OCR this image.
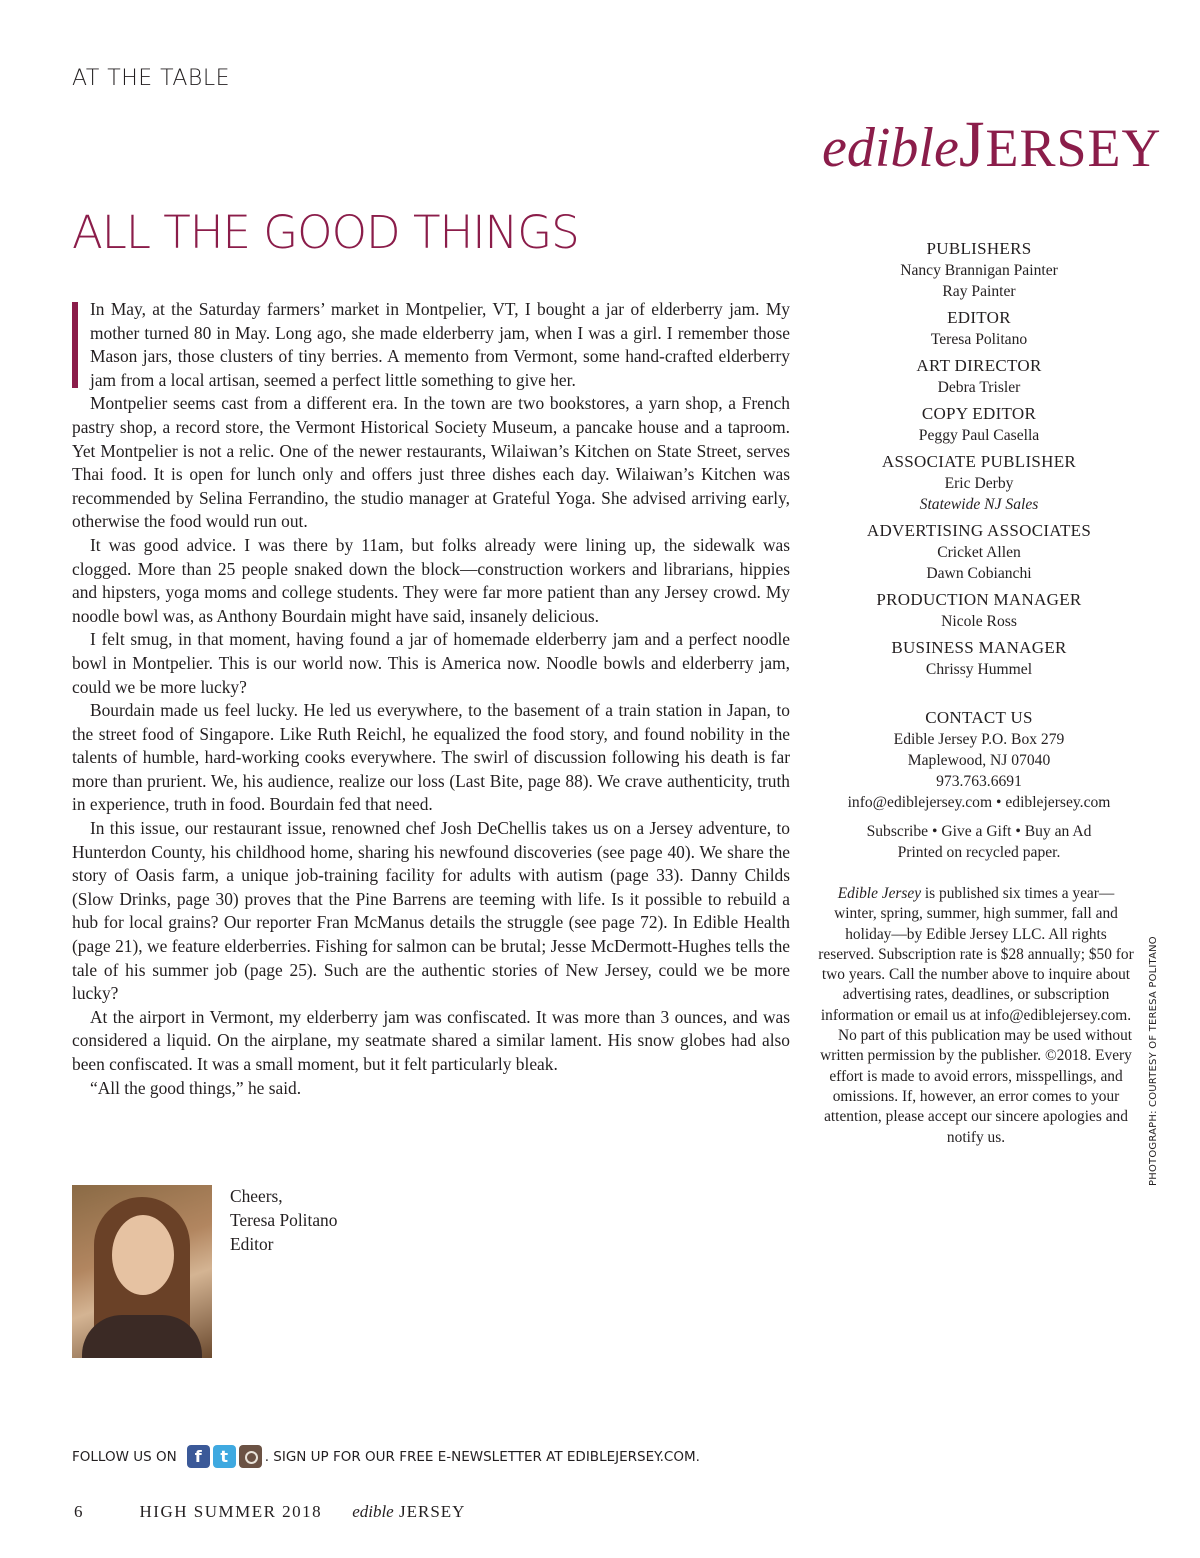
AT THE TABLE
edibleJERSEY
ALL THE GOOD THINGS

In May, at the Saturday farmers’ market in Montpelier, VT, I bought a jar of elderberry jam. My mother turned 80 in May. Long ago, she made elderberry jam, when I was a girl. I remember those Mason jars, those clusters of tiny berries. A memento from Vermont, some hand-crafted elderberry jam from a local artisan, seemed a perfect little something to give her.

Montpelier seems cast from a different era. In the town are two bookstores, a yarn shop, a French pastry shop, a record store, the Vermont Historical Society Museum, a pancake house and a taproom. Yet Montpelier is not a relic. One of the newer restaurants, Wilaiwan’s Kitchen on State Street, serves Thai food. It is open for lunch only and offers just three dishes each day. Wilaiwan’s Kitchen was recommended by Selina Ferrandino, the studio manager at Grateful Yoga. She advised arriving early, otherwise the food would run out.

It was good advice. I was there by 11am, but folks already were lining up, the sidewalk was clogged. More than 25 people snaked down the block—construction workers and librarians, hippies and hipsters, yoga moms and college students. They were far more patient than any Jersey crowd. My noodle bowl was, as Anthony Bourdain might have said, insanely delicious.

I felt smug, in that moment, having found a jar of homemade elderberry jam and a perfect noodle bowl in Montpelier. This is our world now. This is America now. Noodle bowls and elderberry jam, could we be more lucky?

Bourdain made us feel lucky. He led us everywhere, to the basement of a train station in Japan, to the street food of Singapore. Like Ruth Reichl, he equalized the food story, and found nobility in the talents of humble, hard-working cooks everywhere. The swirl of discussion following his death is far more than prurient. We, his audience, realize our loss (Last Bite, page 88). We crave authenticity, truth in experience, truth in food. Bourdain fed that need.

In this issue, our restaurant issue, renowned chef Josh DeChellis takes us on a Jersey adventure, to Hunterdon County, his childhood home, sharing his newfound discoveries (see page 40). We share the story of Oasis farm, a unique job-training facility for adults with autism (page 33). Danny Childs (Slow Drinks, page 30) proves that the Pine Barrens are teeming with life. Is it possible to rebuild a hub for local grains? Our reporter Fran McManus details the struggle (see page 72). In Edible Health (page 21), we feature elderberries. Fishing for salmon can be brutal; Jesse McDermott-Hughes tells the tale of his summer job (page 25). Such are the authentic stories of New Jersey, could we be more lucky?

At the airport in Vermont, my elderberry jam was confiscated. It was more than 3 ounces, and was considered a liquid. On the airplane, my seatmate shared a similar lament. His snow globes had also been confiscated. It was a small moment, but it felt particularly bleak.

“All the good things,” he said.

Cheers,
Teresa Politano
Editor
PUBLISHERS
Nancy Brannigan Painter
Ray Painter
EDITOR
Teresa Politano
ART DIRECTOR
Debra Trisler
COPY EDITOR
Peggy Paul Casella
ASSOCIATE PUBLISHER
Eric Derby
Statewide NJ Sales
ADVERTISING ASSOCIATES
Cricket Allen
Dawn Cobianchi
PRODUCTION MANAGER
Nicole Ross
BUSINESS MANAGER
Chrissy Hummel
CONTACT US
Edible Jersey P.O. Box 279
Maplewood, NJ 07040
973.763.6691
info@ediblejersey.com • ediblejersey.com
Subscribe • Give a Gift • Buy an Ad
Printed on recycled paper.

Edible Jersey is published six times a year—winter, spring, summer, high summer, fall and holiday—by Edible Jersey LLC. All rights reserved. Subscription rate is $28 annually; $50 for two years. Call the number above to inquire about advertising rates, deadlines, or subscription information or email us at info@ediblejersey.com.

No part of this publication may be used without written permission by the publisher. ©2018. Every effort is made to avoid errors, misspellings, and omissions. If, however, an error comes to your attention, please accept our sincere apologies and notify us.	PHOTOGRAPH: COURTESY OF TERESA POLITANO
FOLLOW US ON	f	t	. SIGN UP FOR OUR FREE E-NEWSLETTER AT EDIBLEJERSEY.COM.
6	HIGH SUMMER 2018 edible JERSEY
